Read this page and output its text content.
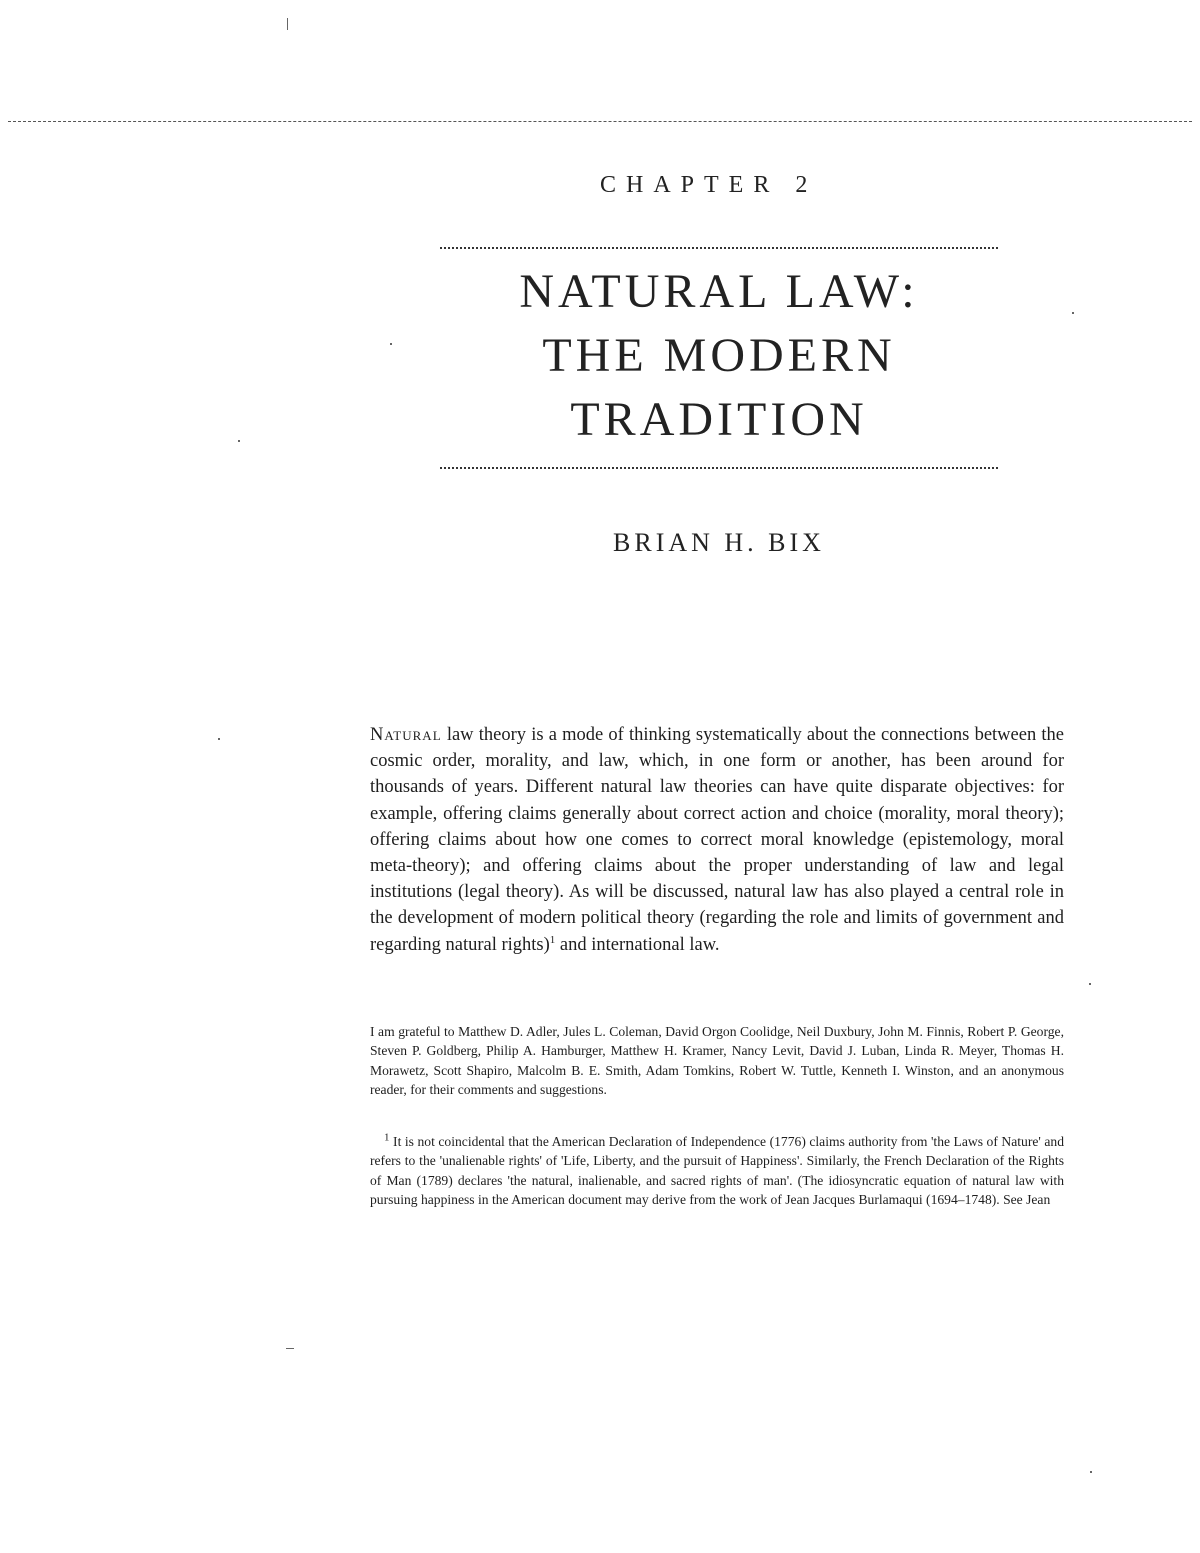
CHAPTER 2
NATURAL LAW:
THE MODERN
TRADITION
BRIAN H. BIX

Natural law theory is a mode of thinking systematically about the connections between the cosmic order, morality, and law, which, in one form or another, has been around for thousands of years. Different natural law theories can have quite disparate objectives: for example, offering claims generally about correct action and choice (morality, moral theory); offering claims about how one comes to correct moral knowledge (epistemology, moral meta-theory); and offering claims about the proper understanding of law and legal institutions (legal theory). As will be discussed, natural law has also played a central role in the development of modern political theory (regarding the role and limits of government and regarding natural rights)$^1$ and international law.

I am grateful to Matthew D. Adler, Jules L. Coleman, David Orgon Coolidge, Neil Duxbury, John M. Finnis, Robert P. George, Steven P. Goldberg, Philip A. Hamburger, Matthew H. Kramer, Nancy Levit, David J. Luban, Linda R. Meyer, Thomas H. Morawetz, Scott Shapiro, Malcolm B. E. Smith, Adam Tomkins, Robert W. Tuttle, Kenneth I. Winston, and an anonymous reader, for their comments and suggestions.

$^1$ It is not coincidental that the American Declaration of Independence (1776) claims authority from 'the Laws of Nature' and refers to the 'unalienable rights' of 'Life, Liberty, and the pursuit of Happiness'. Similarly, the French Declaration of the Rights of Man (1789) declares 'the natural, inalienable, and sacred rights of man'. (The idiosyncratic equation of natural law with pursuing happiness in the American document may derive from the work of Jean Jacques Burlamaqui (1694–1748). See Jean
